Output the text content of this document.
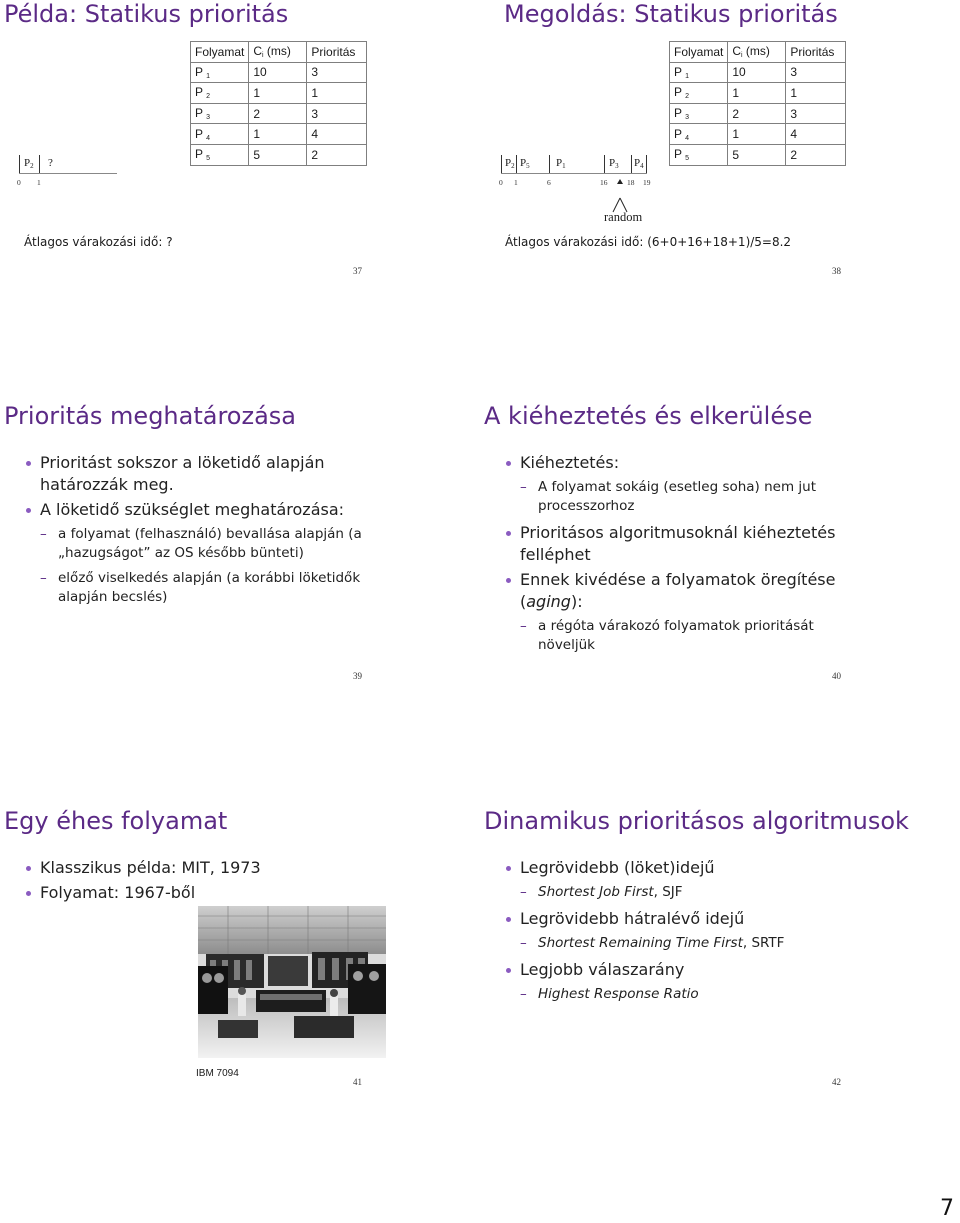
Példa: Statikus prioritás
Folyamat	$C_i$ (ms)	Prioritás
P $_1$	10	3
P $_2$	1	1
P $_3$	2	3
P $_4$	1	4
P $_5$	5	2
$P_2$ ?
0 1
Átlagos várakozási idő: ?
37
Megoldás: Statikus prioritás
Folyamat	$C_i$ (ms)	Prioritás
P $_1$	10	3
P $_2$	1	1
P $_3$	2	3
P $_4$	1	4
P $_5$	5	2
$P_2$ $P_5$ $P_1$	$P_3$ $P_4$
0 1	6	16	18 19
random
Átlagos várakozási idő: (6+0+16+18+1)/5=8.2
38
Prioritás meghatározása
Prioritást sokszor a löketidő alapján határozzák meg.
A löketidő szükséglet meghatározása:
– a folyamat (felhasználó) bevallása alapján (a „hazugságot” az OS később bünteti)
– előző viselkedés alapján (a korábbi löketidők alapján becslés)
39
A kiéheztetés és elkerülése
Kiéheztetés:
– A folyamat sokáig (esetleg soha) nem jut processzorhoz
Prioritásos algoritmusoknál kiéheztetés felléphet
Ennek kivédése a folyamatok öregítése (aging):
– a régóta várakozó folyamatok prioritását növeljük
40
Egy éhes folyamat
Klasszikus példa: MIT, 1973
Folyamat: 1967-ből
IBM 7094
41
Dinamikus prioritásos algoritmusok
Legrövidebb (löket)idejű
– Shortest Job First, SJF
Legrövidebb hátralévő idejű
– Shortest Remaining Time First, SRTF
Legjobb válaszarány
– Highest Response Ratio
42
7
